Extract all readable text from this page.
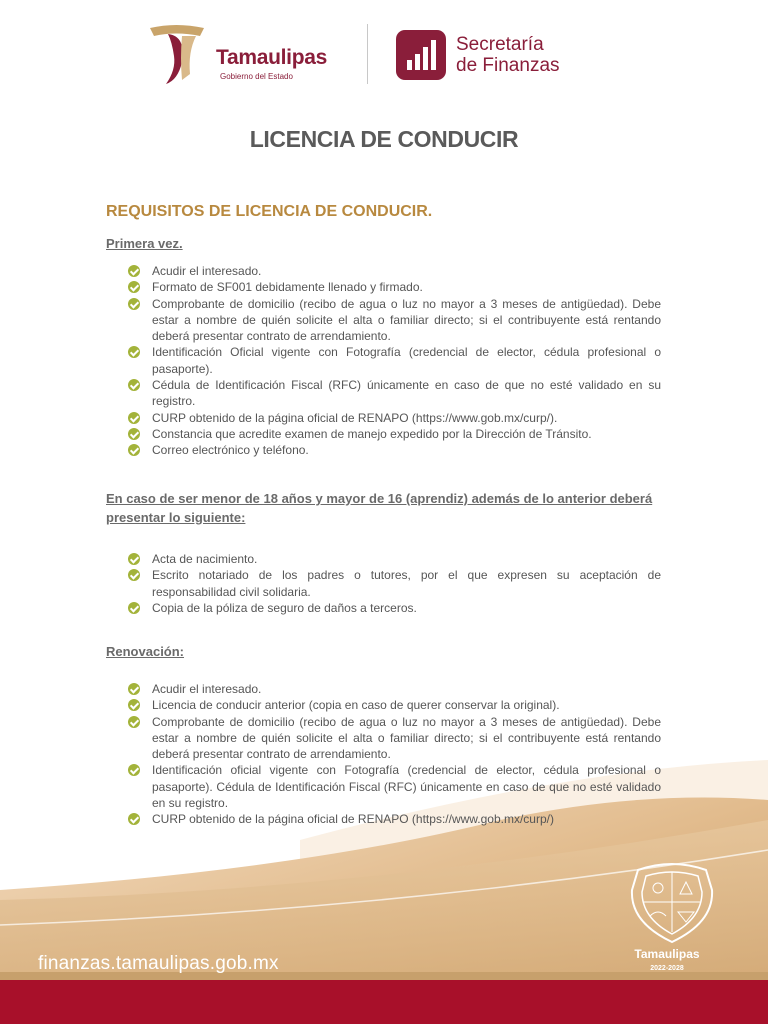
Tamaulipas
Gobierno del Estado
Secretaría
de Finanzas
LICENCIA DE CONDUCIR
REQUISITOS DE LICENCIA DE CONDUCIR.
Primera vez.
Acudir el interesado.
Formato de SF001 debidamente llenado y firmado.
Comprobante de domicilio (recibo de agua o luz no mayor a 3 meses de antigüedad). Debe estar a nombre de quién solicite el alta o familiar directo; si el contribuyente está rentando deberá presentar contrato de arrendamiento.
Identificación Oficial vigente con Fotografía (credencial de elector, cédula profesional o pasaporte).
Cédula de Identificación Fiscal (RFC) únicamente en caso de que no esté validado en su registro.
CURP obtenido de la página oficial de RENAPO (https://www.gob.mx/curp/).
Constancia que acredite examen de manejo expedido por la Dirección de Tránsito.
Correo electrónico y teléfono.
En caso de ser menor de 18 años y mayor de 16 (aprendiz) además de lo anterior deberá presentar lo siguiente:
Acta de nacimiento.
Escrito notariado de los padres o tutores, por el que expresen su aceptación de responsabilidad civil solidaria.
Copia de la póliza de seguro de daños a terceros.
Renovación:
Acudir el interesado.
Licencia de conducir anterior (copia en caso de querer conservar la original).
Comprobante de domicilio (recibo de agua o luz no mayor a 3 meses de antigüedad). Debe estar a nombre de quién solicite el alta o familiar directo; si el contribuyente está rentando deberá presentar contrato de arrendamiento.
Identificación oficial vigente con Fotografía (credencial de elector, cédula profesional o pasaporte). Cédula de Identificación Fiscal (RFC) únicamente en caso de que no esté validado en su registro.
CURP obtenido de la página oficial de RENAPO (https://www.gob.mx/curp/)
finanzas.tamaulipas.gob.mx	Tamaulipas
2022-2028
